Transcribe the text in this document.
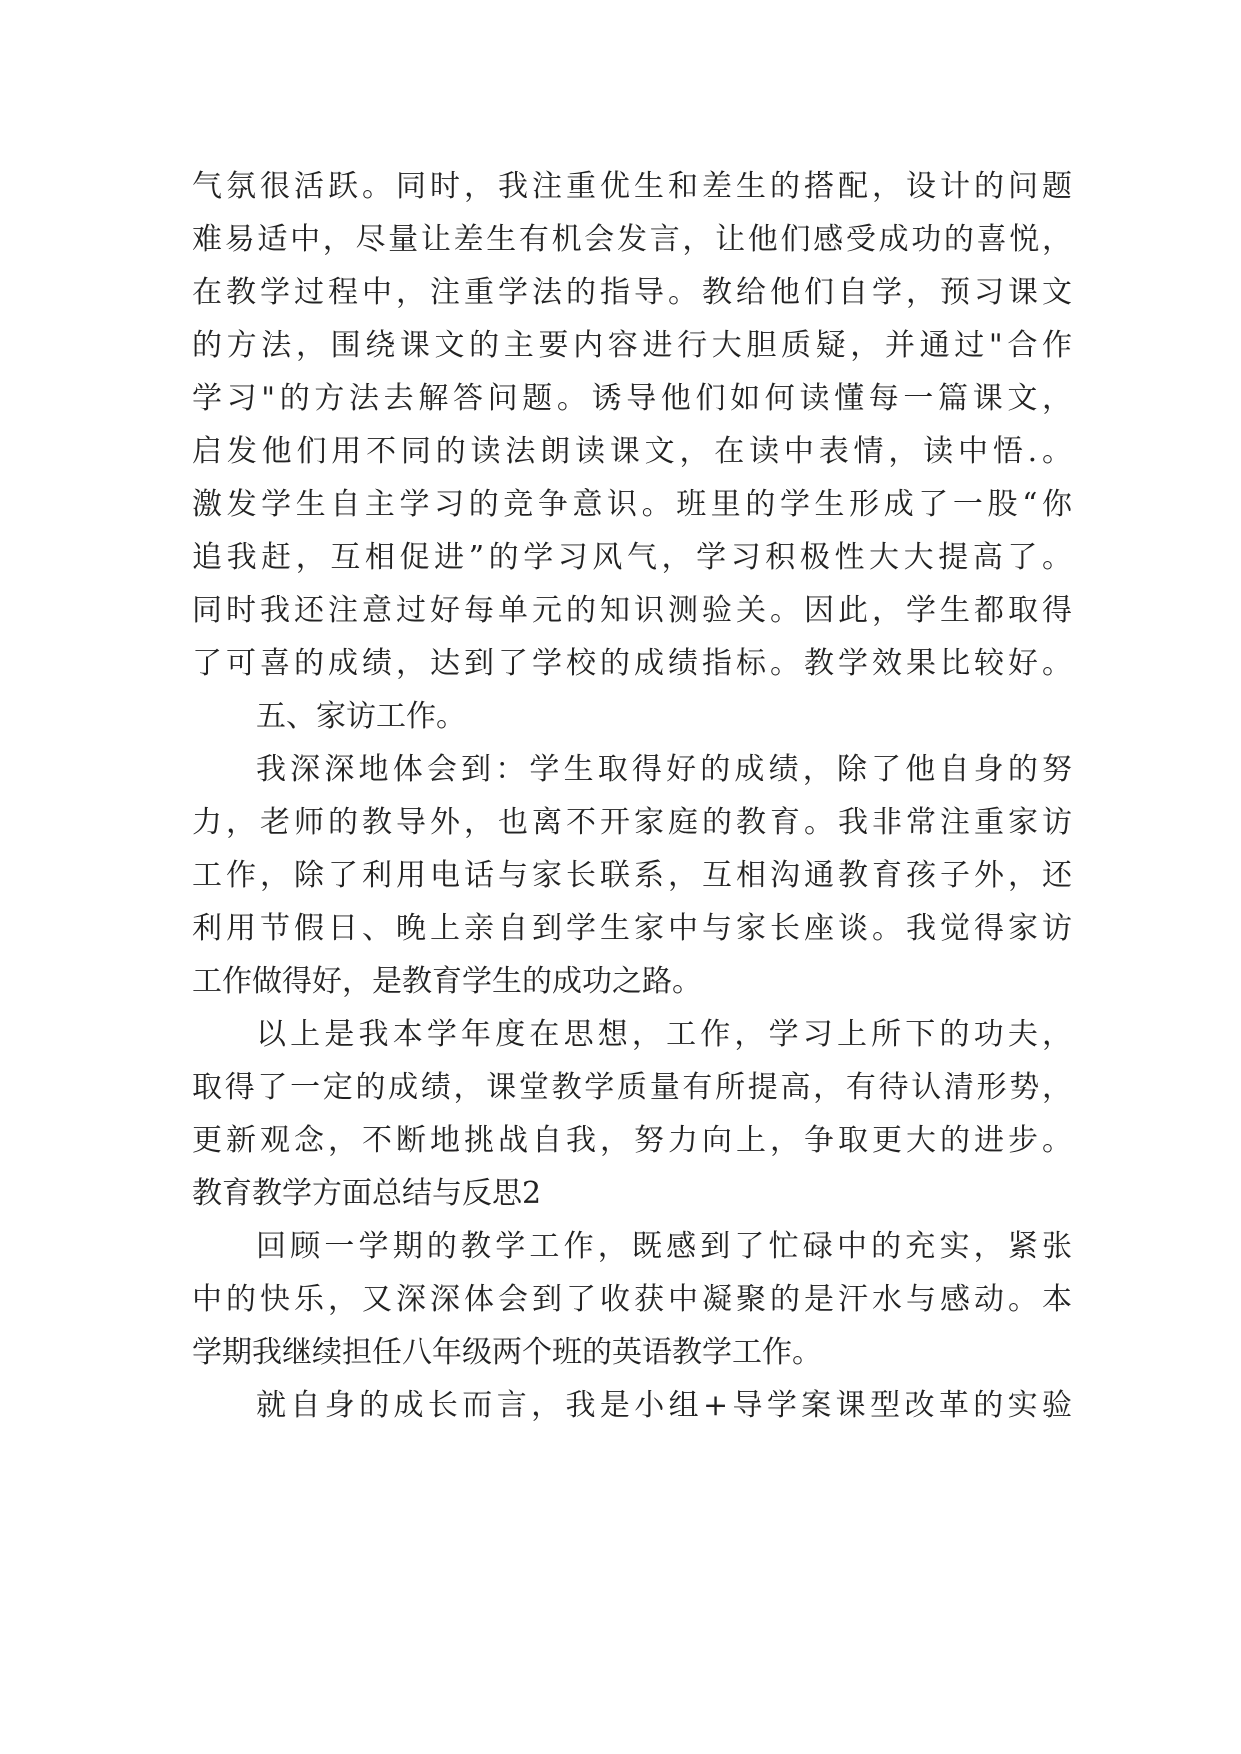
气氛很活跃。同时，我注重优生和差生的搭配，设计的问题
难易适中，尽量让差生有机会发言，让他们感受成功的喜悦，
在教学过程中，注重学法的指导。教给他们自学，预习课文
的方法，围绕课文的主要内容进行大胆质疑，并通过"合作
学习"的方法去解答问题。诱导他们如何读懂每一篇课文，
启发他们用不同的读法朗读课文，在读中表情，读中悟.。
激发学生自主学习的竞争意识。班里的学生形成了一股“你
追我赶，互相促进”的学习风气，学习积极性大大提高了。
同时我还注意过好每单元的知识测验关。因此，学生都取得
了可喜的成绩，达到了学校的成绩指标。教学效果比较好。
五、家访工作。
我深深地体会到：学生取得好的成绩，除了他自身的努
力，老师的教导外，也离不开家庭的教育。我非常注重家访
工作，除了利用电话与家长联系，互相沟通教育孩子外，还
利用节假日、晚上亲自到学生家中与家长座谈。我觉得家访
工作做得好，是教育学生的成功之路。
以上是我本学年度在思想，工作，学习上所下的功夫，
取得了一定的成绩，课堂教学质量有所提高，有待认清形势，
更新观念，不断地挑战自我，努力向上，争取更大的进步。
教育教学方面总结与反思2
回顾一学期的教学工作，既感到了忙碌中的充实，紧张
中的快乐，又深深体会到了收获中凝聚的是汗水与感动。本
学期我继续担任八年级两个班的英语教学工作。
就自身的成长而言，我是小组+导学案课型改革的实验
